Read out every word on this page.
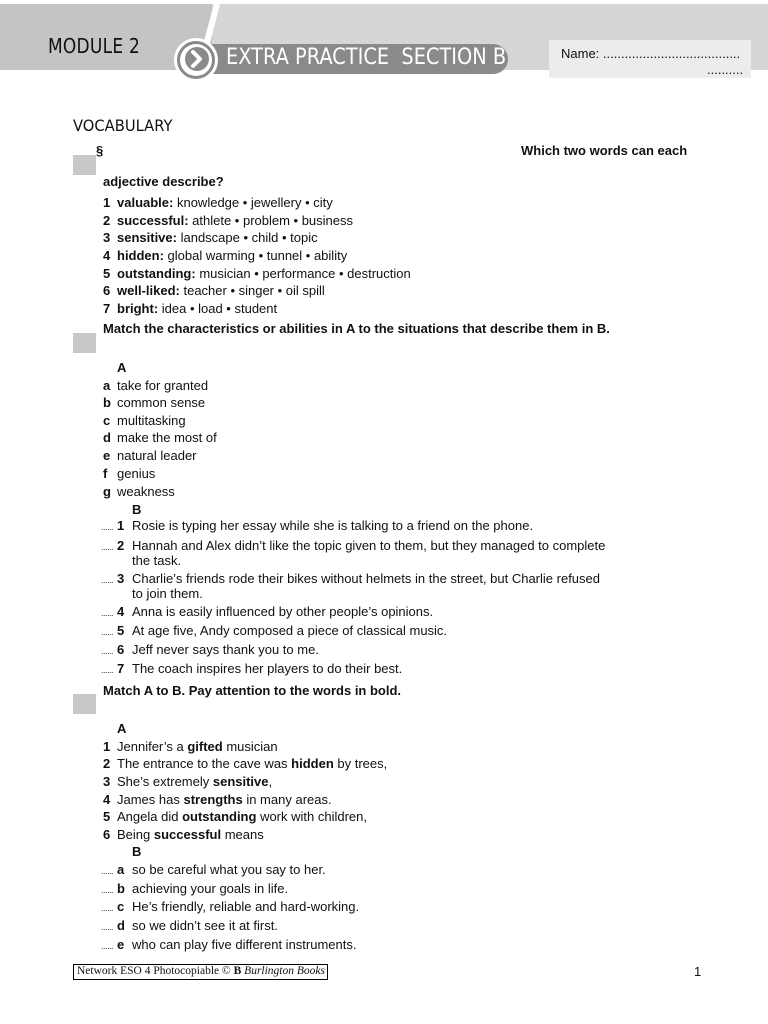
MODULE 2	EXTRA PRACTICE  SECTION B	Name: ......................................
..........
VOCABULARY
§	Which two words can each
adjective describe?
1 valuable: knowledge • jewellery • city
2 successful: athlete • problem • business
3 sensitive: landscape • child • topic
4 hidden: global warming • tunnel • ability
5 outstanding: musician • performance • destruction
6 well-liked: teacher • singer • oil spill
7 bright: idea • load • student
Match the characteristics or abilities in A to the situations that describe them in B.
A
a take for granted
b common sense
c multitasking
d make the most of
e natural leader
f genius
g weakness
B
...... 1 Rosie is typing her essay while she is talking to a friend on the phone.
...... 2 Hannah and Alex didn’t like the topic given to them, but they managed to complete
the task.
...... 3 Charlie’s friends rode their bikes without helmets in the street, but Charlie refused
to join them.
...... 4 Anna is easily influenced by other people’s opinions.
...... 5 At age five, Andy composed a piece of classical music.
...... 6 Jeff never says thank you to me.
...... 7 The coach inspires her players to do their best.
Match A to B. Pay attention to the words in bold.
A
1 Jennifer’s a gifted musician
2 The entrance to the cave was hidden by trees,
3 She’s extremely sensitive,
4 James has strengths in many areas.
5 Angela did outstanding work with children,
6 Being successful means
B
...... a so be careful what you say to her.
...... b achieving your goals in life.
...... c He’s friendly, reliable and hard-working.
...... d so we didn’t see it at first.
...... e who can play five different instruments.
Network ESO 4 Photocopiable © B Burlington Books	1
